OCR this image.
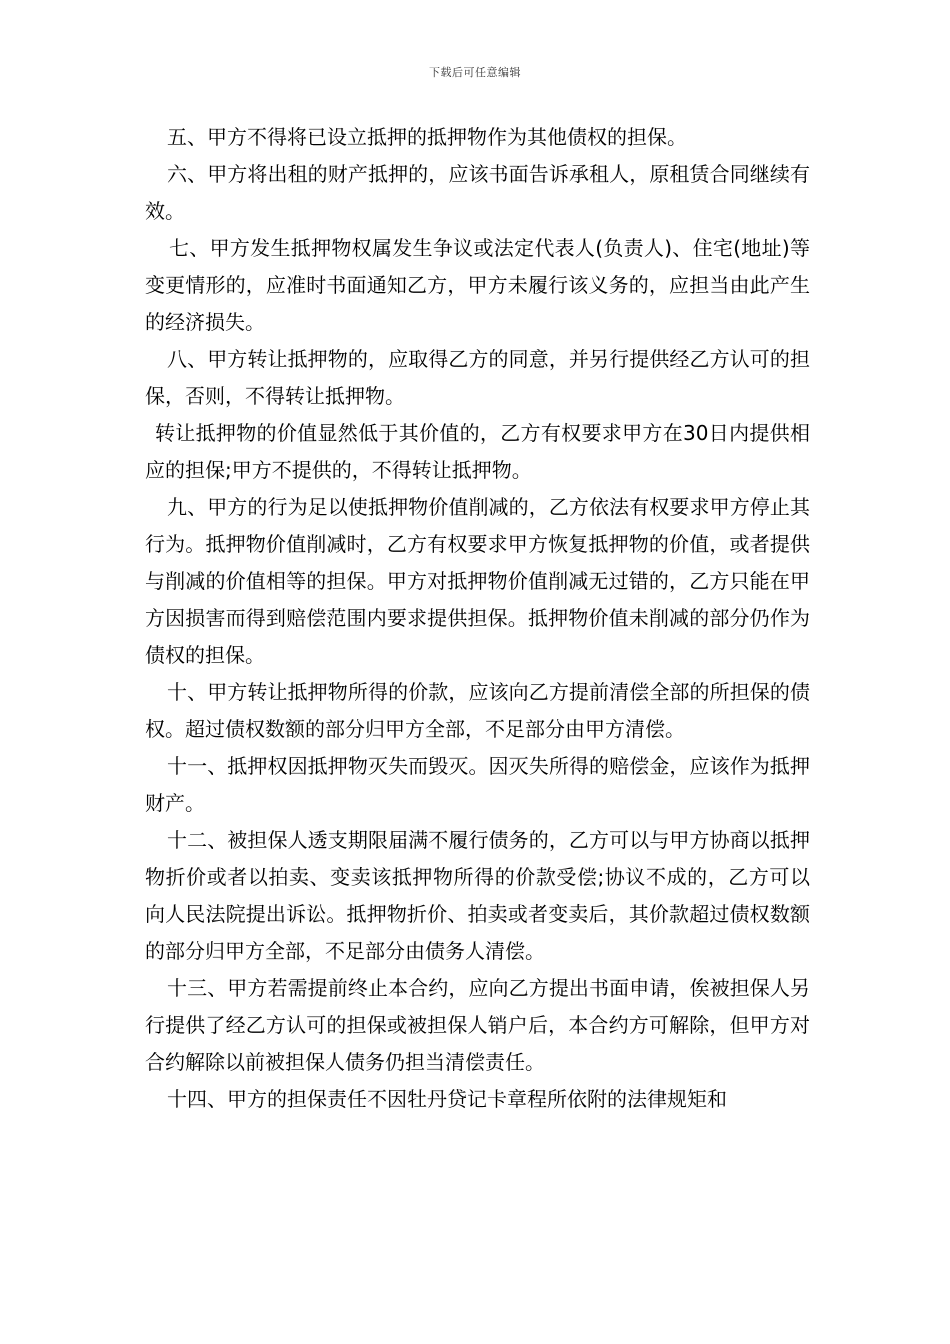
下载后可任意编辑

五、甲方不得将已设立抵押的抵押物作为其他债权的担保。

六、甲方将出租的财产抵押的，应该书面告诉承租人，原租赁合同继续有效。

七、甲方发生抵押物权属发生争议或法定代表人(负责人)、住宅(地址)等变更情形的，应准时书面通知乙方，甲方未履行该义务的，应担当由此产生的经济损失。

八、甲方转让抵押物的，应取得乙方的同意，并另行提供经乙方认可的担保，否则，不得转让抵押物。

转让抵押物的价值显然低于其价值的，乙方有权要求甲方在30日内提供相应的担保;甲方不提供的，不得转让抵押物。

九、甲方的行为足以使抵押物价值削减的，乙方依法有权要求甲方停止其行为。抵押物价值削减时，乙方有权要求甲方恢复抵押物的价值，或者提供与削减的价值相等的担保。甲方对抵押物价值削减无过错的，乙方只能在甲方因损害而得到赔偿范围内要求提供担保。抵押物价值未削减的部分仍作为债权的担保。

十、甲方转让抵押物所得的价款，应该向乙方提前清偿全部的所担保的债权。超过债权数额的部分归甲方全部，不足部分由甲方清偿。

十一、抵押权因抵押物灭失而毁灭。因灭失所得的赔偿金，应该作为抵押财产。

十二、被担保人透支期限届满不履行债务的，乙方可以与甲方协商以抵押物折价或者以拍卖、变卖该抵押物所得的价款受偿;协议不成的，乙方可以向人民法院提出诉讼。抵押物折价、拍卖或者变卖后，其价款超过债权数额的部分归甲方全部，不足部分由债务人清偿。

十三、甲方若需提前终止本合约，应向乙方提出书面申请，俟被担保人另行提供了经乙方认可的担保或被担保人销户后，本合约方可解除，但甲方对合约解除以前被担保人债务仍担当清偿责任。

十四、甲方的担保责任不因牡丹贷记卡章程所依附的法律规矩和
